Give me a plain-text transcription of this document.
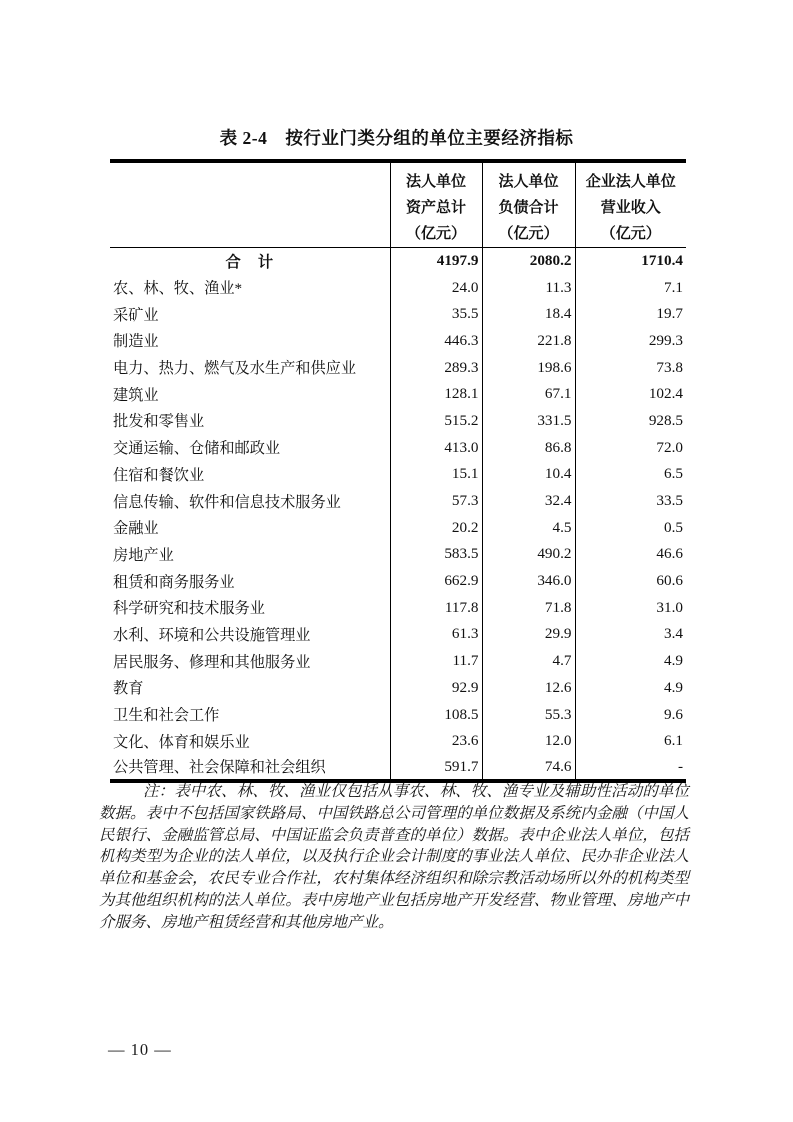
表 2-4　按行业门类分组的单位主要经济指标

法人单位
资产总计
（亿元）

法人单位
负债合计
（亿元）

企业法人单位
营业收入
（亿元）

合　计	4197.9	2080.2	1710.4
农、林、牧、渔业*	24.0	11.3	7.1
采矿业	35.5	18.4	19.7
制造业	446.3	221.8	299.3
电力、热力、燃气及水生产和供应业	289.3	198.6	73.8
建筑业	128.1	67.1	102.4
批发和零售业	515.2	331.5	928.5
交通运输、仓储和邮政业	413.0	86.8	72.0
住宿和餐饮业	15.1	10.4	6.5
信息传输、软件和信息技术服务业	57.3	32.4	33.5
金融业	20.2	4.5	0.5
房地产业	583.5	490.2	46.6
租赁和商务服务业	662.9	346.0	60.6
科学研究和技术服务业	117.8	71.8	31.0
水利、环境和公共设施管理业	61.3	29.9	3.4
居民服务、修理和其他服务业	11.7	4.7	4.9
教育	92.9	12.6	4.9
卫生和社会工作	108.5	55.3	9.6
文化、体育和娱乐业	23.6	12.0	6.1
公共管理、社会保障和社会组织	591.7	74.6	-

注：表中农、林、牧、渔业仅包括从事农、林、牧、渔专业及辅助性活动的单位数据。表中不包括国家铁路局、中国铁路总公司管理的单位数据及系统内金融（中国人民银行、金融监管总局、中国证监会负责普查的单位）数据。表中企业法人单位，包括机构类型为企业的法人单位，以及执行企业会计制度的事业法人单位、民办非企业法人单位和基金会，农民专业合作社，农村集体经济组织和除宗教活动场所以外的机构类型为其他组织机构的法人单位。表中房地产业包括房地产开发经营、物业管理、房地产中介服务、房地产租赁经营和其他房地产业。

— 10 —
